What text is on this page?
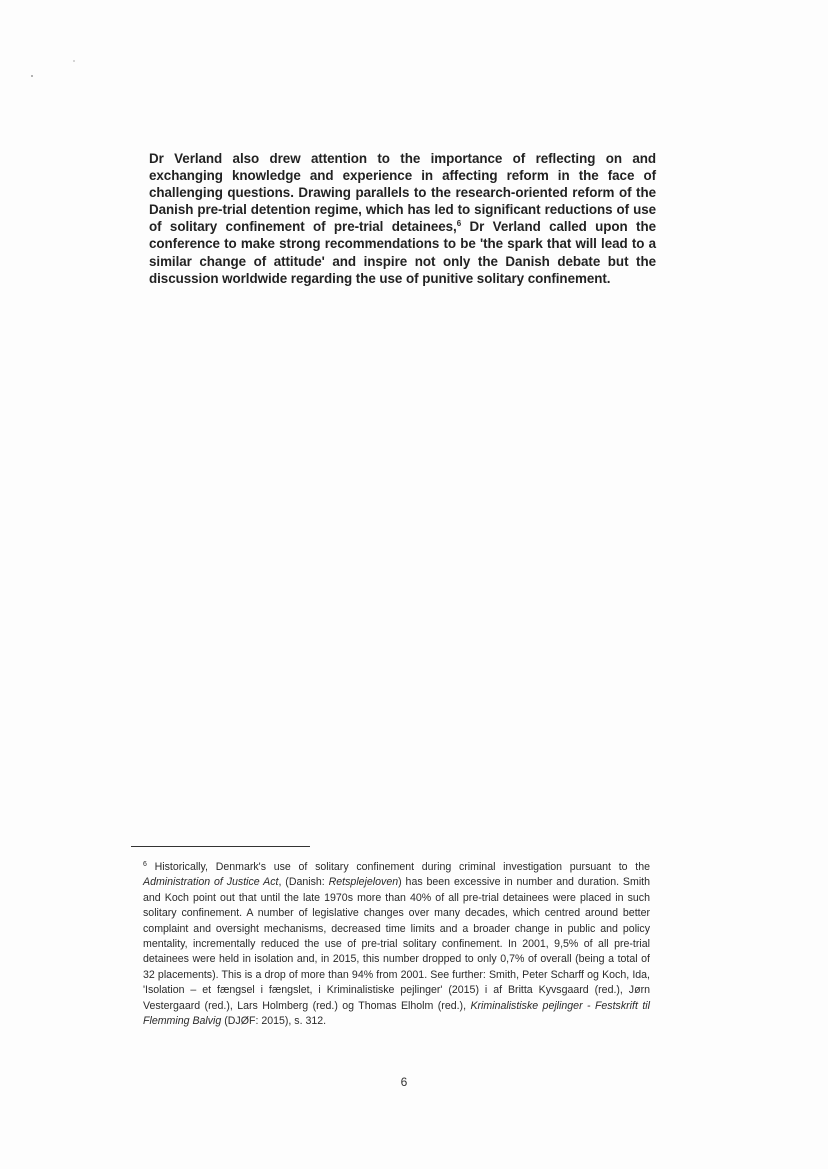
Dr Verland also drew attention to the importance of reflecting on and exchanging knowledge and experience in affecting reform in the face of challenging questions. Drawing parallels to the research-oriented reform of the Danish pre-trial detention regime, which has led to significant reductions of use of solitary confinement of pre-trial detainees,$^6$ Dr Verland called upon the conference to make strong recommendations to be 'the spark that will lead to a similar change of attitude' and inspire not only the Danish debate but the discussion worldwide regarding the use of punitive solitary confinement.

$^6$ Historically, Denmark's use of solitary confinement during criminal investigation pursuant to the Administration of Justice Act, (Danish: Retsplejeloven) has been excessive in number and duration. Smith and Koch point out that until the late 1970s more than 40% of all pre-trial detainees were placed in such solitary confinement. A number of legislative changes over many decades, which centred around better complaint and oversight mechanisms, decreased time limits and a broader change in public and policy mentality, incrementally reduced the use of pre-trial solitary confinement. In 2001, 9,5% of all pre-trial detainees were held in isolation and, in 2015, this number dropped to only 0,7% of overall (being a total of 32 placements). This is a drop of more than 94% from 2001. See further: Smith, Peter Scharff og Koch, Ida, 'Isolation – et fængsel i fængslet, i Kriminalistiske pejlinger' (2015) i af Britta Kyvsgaard (red.), Jørn Vestergaard (red.), Lars Holmberg (red.) og Thomas Elholm (red.), Kriminalistiske pejlinger - Festskrift til Flemming Balvig (DJØF: 2015), s. 312.

6
